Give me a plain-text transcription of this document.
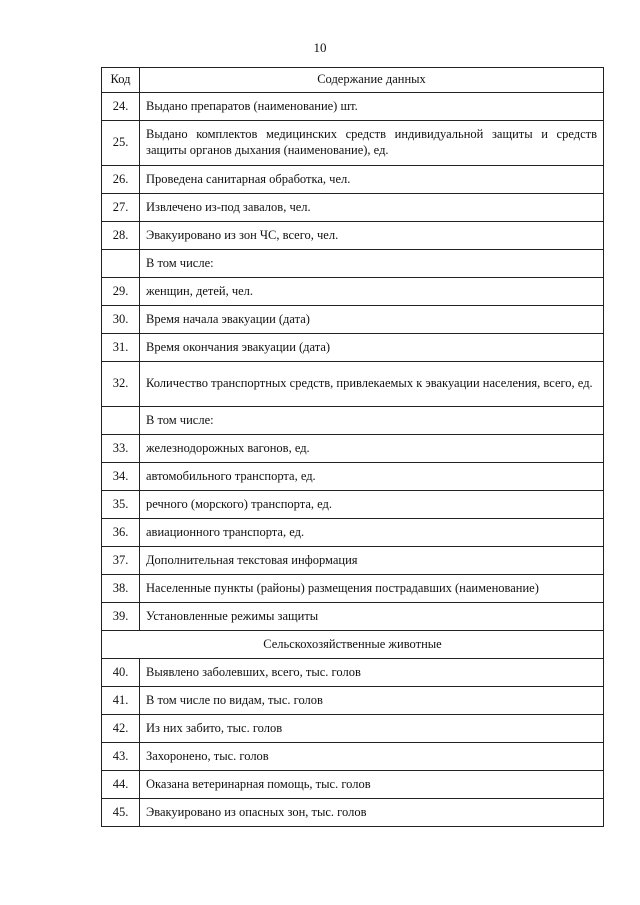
10
Код	Содержание данных
24.	Выдано препаратов (наименование) шт.
25.	Выдано комплектов медицинских средств индивидуальной защиты и средств защиты органов дыхания (наименование), ед.
26.	Проведена санитарная обработка, чел.
27.	Извлечено из-под завалов, чел.
28.	Эвакуировано из зон ЧС, всего, чел.
	В том числе:
29.	женщин, детей, чел.
30.	Время начала эвакуации (дата)
31.	Время окончания эвакуации (дата)
32.	Количество транспортных средств, привлекаемых к эвакуации населения, всего, ед.
	В том числе:
33.	железнодорожных вагонов, ед.
34.	автомобильного транспорта, ед.
35.	речного (морского) транспорта, ед.
36.	авиационного транспорта, ед.
37.	Дополнительная текстовая информация
38.	Населенные пункты (районы) размещения пострадавших (наименование)
39.	Установленные режимы защиты
Сельскохозяйственные животные	
40.	Выявлено заболевших, всего, тыс. голов
41.	В том числе по видам, тыс. голов
42.	Из них забито, тыс. голов
43.	Захоронено, тыс. голов
44.	Оказана ветеринарная помощь, тыс. голов
45.	Эвакуировано из опасных зон, тыс. голов
